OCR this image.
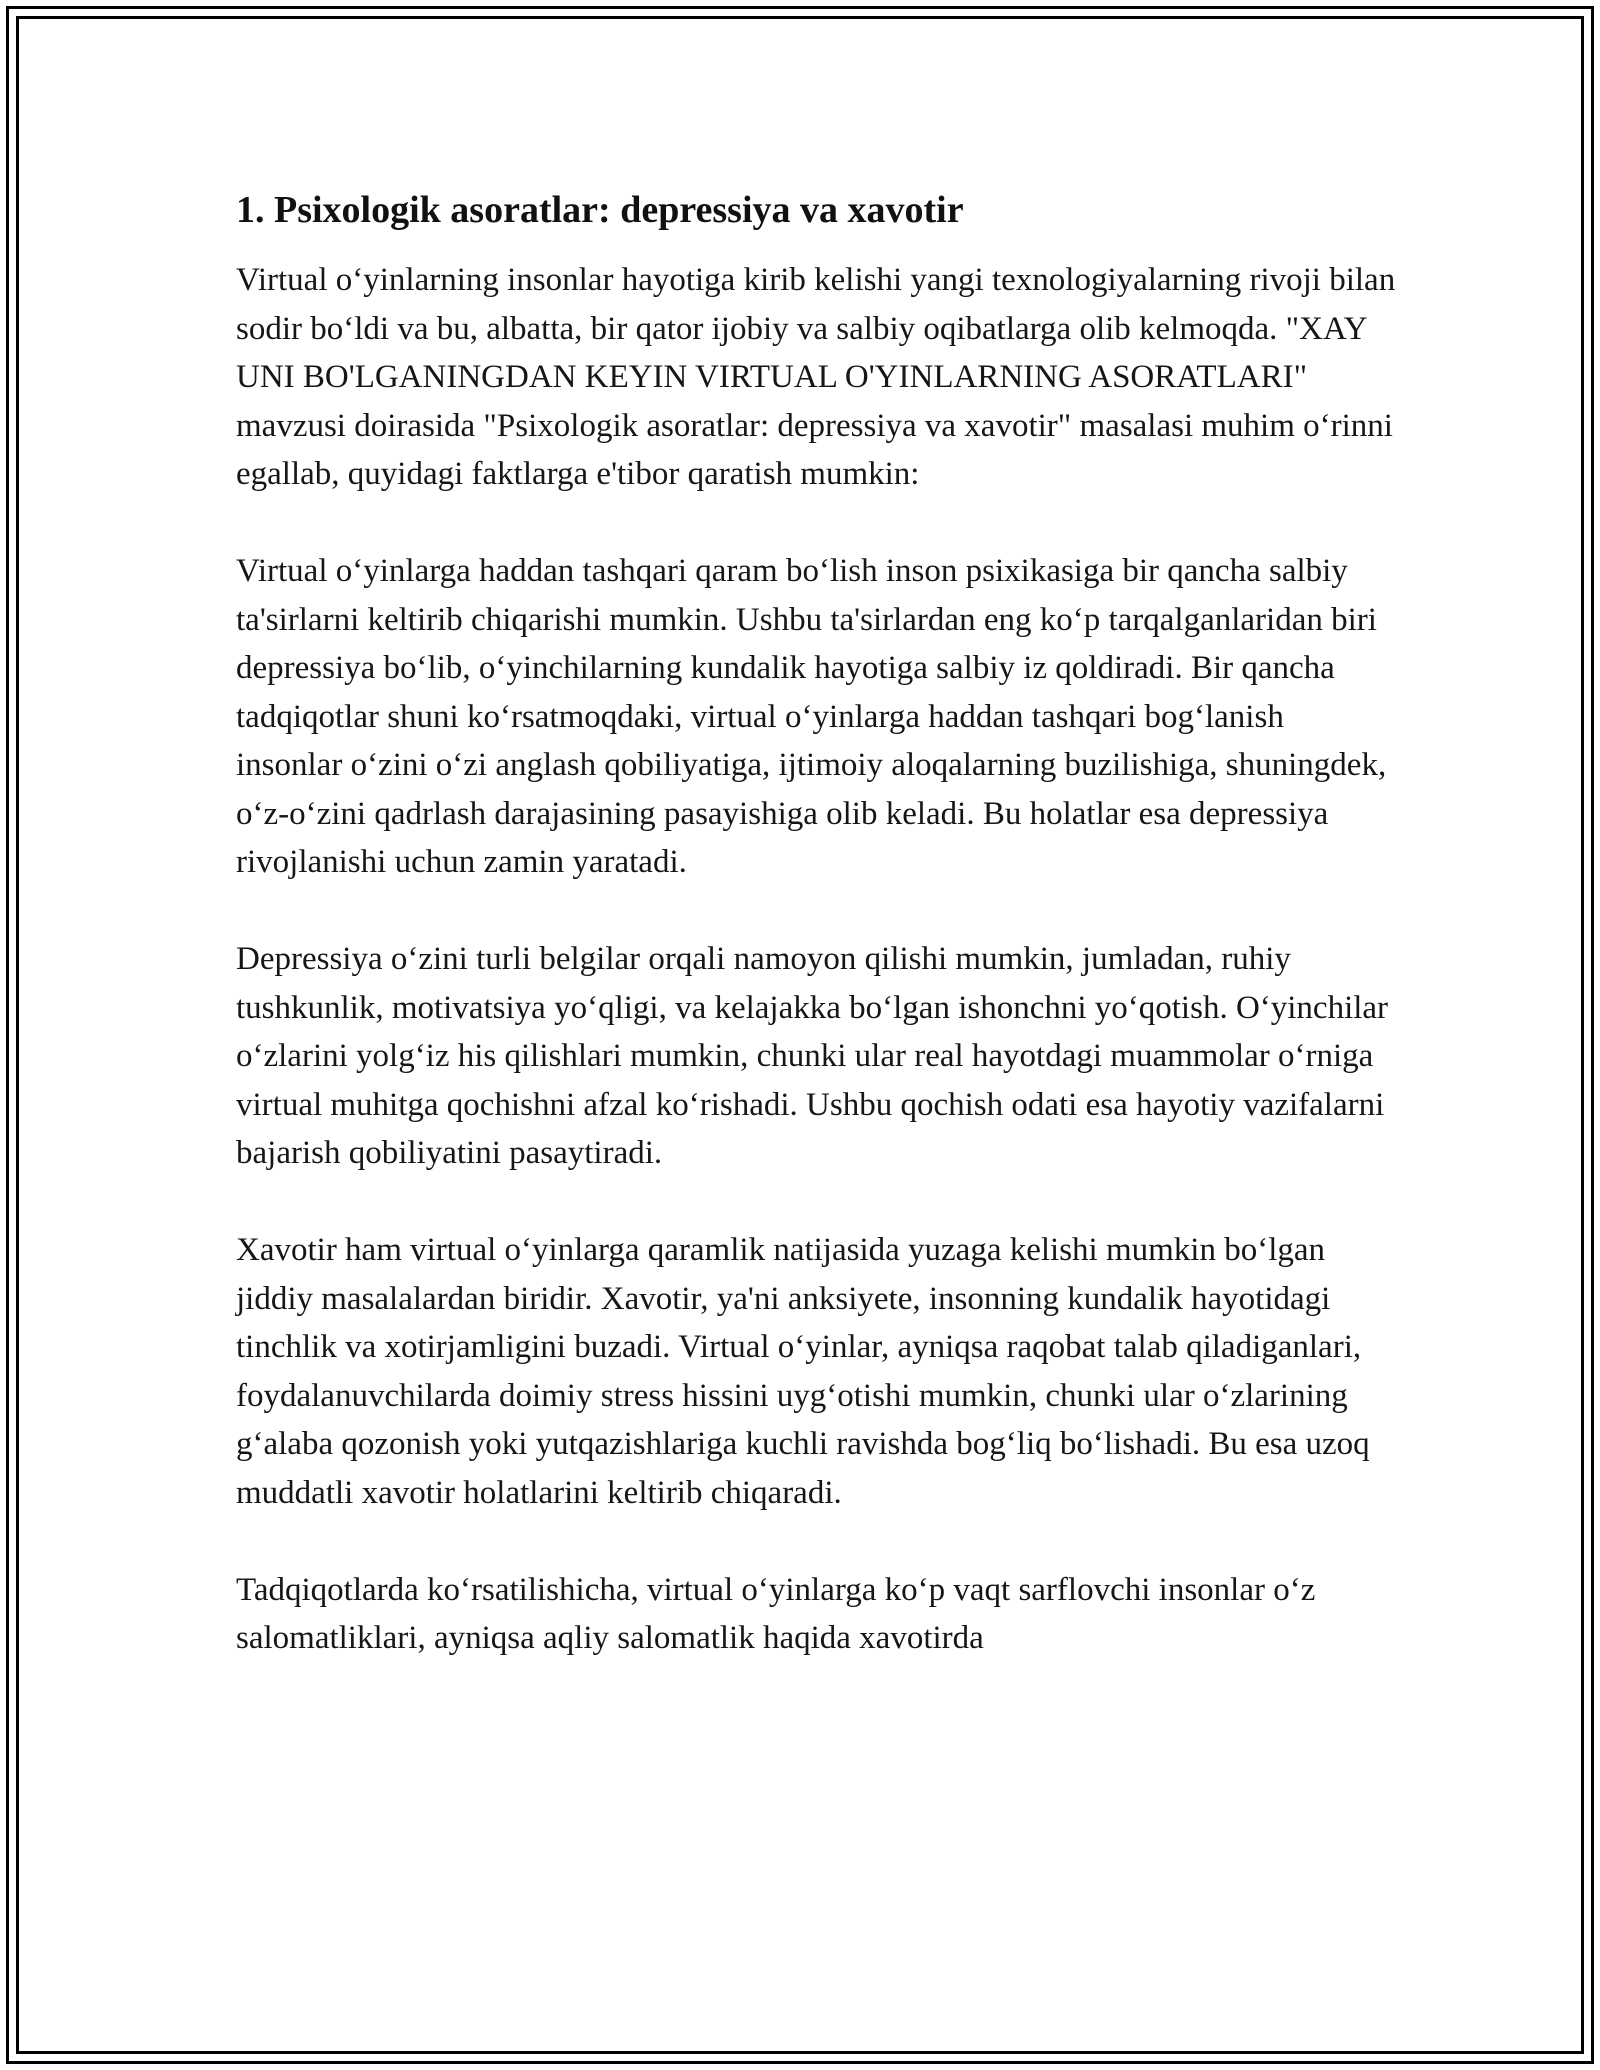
1. Psixologik asoratlar: depressiya va xavotir

Virtual o‘yinlarning insonlar hayotiga kirib kelishi yangi texnologiyalarning rivoji bilan sodir bo‘ldi va bu, albatta, bir qator ijobiy va salbiy oqibatlarga olib kelmoqda. "XAY UNI BO'LGANINGDAN KEYIN VIRTUAL O'YINLARNING ASORATLARI" mavzusi doirasida "Psixologik asoratlar: depressiya va xavotir" masalasi muhim o‘rinni egallab, quyidagi faktlarga e'tibor qaratish mumkin:

Virtual o‘yinlarga haddan tashqari qaram bo‘lish inson psixikasiga bir qancha salbiy ta'sirlarni keltirib chiqarishi mumkin. Ushbu ta'sirlardan eng ko‘p tarqalganlaridan biri depressiya bo‘lib, o‘yinchilarning kundalik hayotiga salbiy iz qoldiradi. Bir qancha tadqiqotlar shuni ko‘rsatmoqdaki, virtual o‘yinlarga haddan tashqari bog‘lanish insonlar o‘zini o‘zi anglash qobiliyatiga, ijtimoiy aloqalarning buzilishiga, shuningdek, o‘z-o‘zini qadrlash darajasining pasayishiga olib keladi. Bu holatlar esa depressiya rivojlanishi uchun zamin yaratadi.

Depressiya o‘zini turli belgilar orqali namoyon qilishi mumkin, jumladan, ruhiy tushkunlik, motivatsiya yo‘qligi, va kelajakka bo‘lgan ishonchni yo‘qotish. O‘yinchilar o‘zlarini yolg‘iz his qilishlari mumkin, chunki ular real hayotdagi muammolar o‘rniga virtual muhitga qochishni afzal ko‘rishadi. Ushbu qochish odati esa hayotiy vazifalarni bajarish qobiliyatini pasaytiradi.

Xavotir ham virtual o‘yinlarga qaramlik natijasida yuzaga kelishi mumkin bo‘lgan jiddiy masalalardan biridir. Xavotir, ya'ni anksiyete, insonning kundalik hayotidagi tinchlik va xotirjamligini buzadi. Virtual o‘yinlar, ayniqsa raqobat talab qiladiganlari, foydalanuvchilarda doimiy stress hissini uyg‘otishi mumkin, chunki ular o‘zlarining g‘alaba qozonish yoki yutqazishlariga kuchli ravishda bog‘liq bo‘lishadi. Bu esa uzoq muddatli xavotir holatlarini keltirib chiqaradi.

Tadqiqotlarda ko‘rsatilishicha, virtual o‘yinlarga ko‘p vaqt sarflovchi insonlar o‘z salomatliklari, ayniqsa aqliy salomatlik haqida xavotirda
